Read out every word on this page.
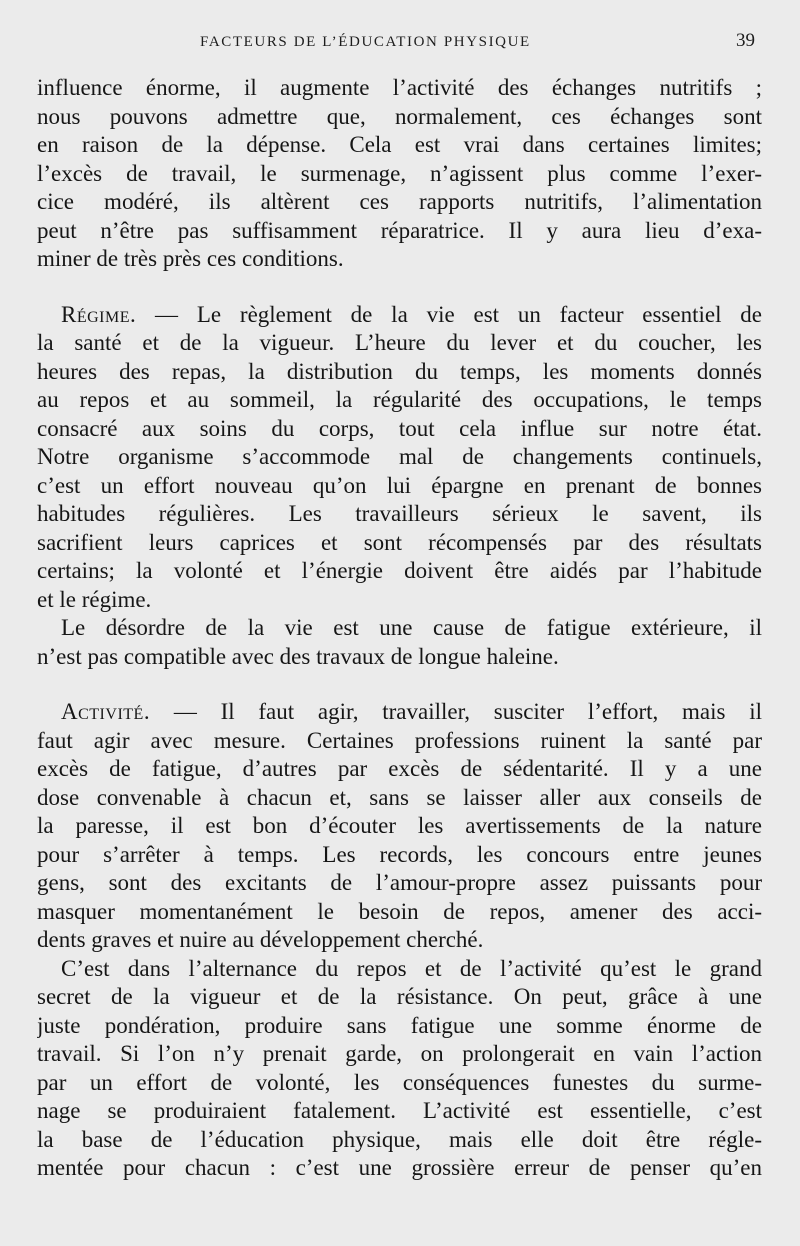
FACTEURS DE L’ÉDUCATION PHYSIQUE	39
influence énorme, il augmente l’activité des échanges nutritifs ;
nous pouvons admettre que, normalement, ces échanges sont
en raison de la dépense. Cela est vrai dans certaines limites;
l’excès de travail, le surmenage, n’agissent plus comme l’exer-
cice modéré, ils altèrent ces rapports nutritifs, l’alimentation
peut n’être pas suffisamment réparatrice. Il y aura lieu d’exa-
miner de très près ces conditions.
Régime. — Le règlement de la vie est un facteur essentiel de
la santé et de la vigueur. L’heure du lever et du coucher, les
heures des repas, la distribution du temps, les moments donnés
au repos et au sommeil, la régularité des occupations, le temps
consacré aux soins du corps, tout cela influe sur notre état.
Notre organisme s’accommode mal de changements continuels,
c’est un effort nouveau qu’on lui épargne en prenant de bonnes
habitudes régulières. Les travailleurs sérieux le savent, ils
sacrifient leurs caprices et sont récompensés par des résultats
certains; la volonté et l’énergie doivent être aidés par l’habitude
et le régime.
Le désordre de la vie est une cause de fatigue extérieure, il
n’est pas compatible avec des travaux de longue haleine.
Activité. — Il faut agir, travailler, susciter l’effort, mais il
faut agir avec mesure. Certaines professions ruinent la santé par
excès de fatigue, d’autres par excès de sédentarité. Il y a une
dose convenable à chacun et, sans se laisser aller aux conseils de
la paresse, il est bon d’écouter les avertissements de la nature
pour s’arrêter à temps. Les records, les concours entre jeunes
gens, sont des excitants de l’amour-propre assez puissants pour
masquer momentanément le besoin de repos, amener des acci-
dents graves et nuire au développement cherché.
C’est dans l’alternance du repos et de l’activité qu’est le grand
secret de la vigueur et de la résistance. On peut, grâce à une
juste pondération, produire sans fatigue une somme énorme de
travail. Si l’on n’y prenait garde, on prolongerait en vain l’action
par un effort de volonté, les conséquences funestes du surme-
nage se produiraient fatalement. L’activité est essentielle, c’est
la base de l’éducation physique, mais elle doit être régle-
mentée pour chacun : c’est une grossière erreur de penser qu’en
